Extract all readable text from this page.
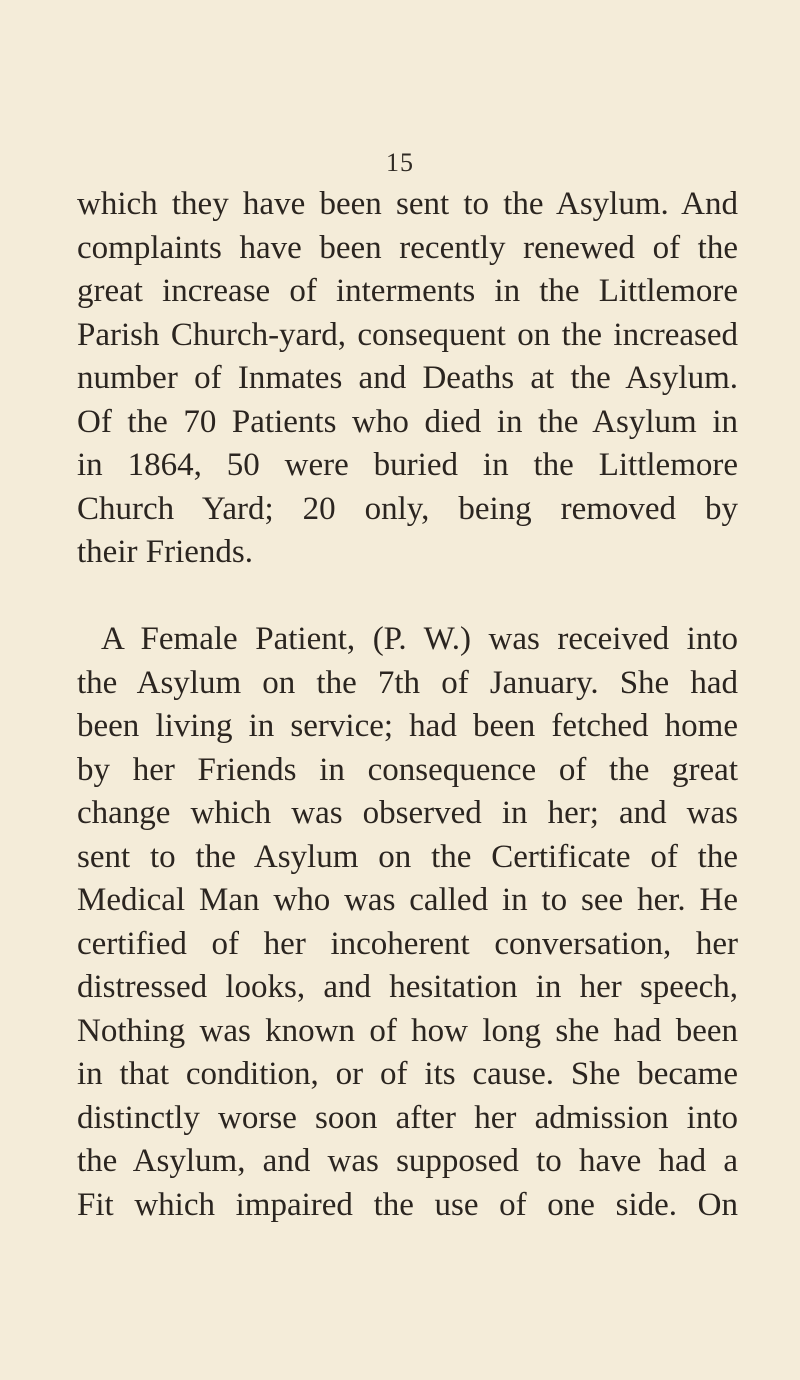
15
which they have been sent to the Asylum. And
complaints have been recently renewed of the
great increase of interments in the Littlemore
Parish Church-yard, consequent on the increased
number of Inmates and Deaths at the Asylum.
Of the 70 Patients who died in the Asylum in
in 1864, 50 were buried in the Littlemore
Church Yard; 20 only, being removed by
their Friends.
A Female Patient, (P. W.) was received into
the Asylum on the 7th of January. She had
been living in service; had been fetched home
by her Friends in consequence of the great
change which was observed in her; and was
sent to the Asylum on the Certificate of the
Medical Man who was called in to see her. He
certified of her incoherent conversation, her
distressed looks, and hesitation in her speech,
Nothing was known of how long she had been
in that condition, or of its cause. She became
distinctly worse soon after her admission into
the Asylum, and was supposed to have had a
Fit which impaired the use of one side. On
